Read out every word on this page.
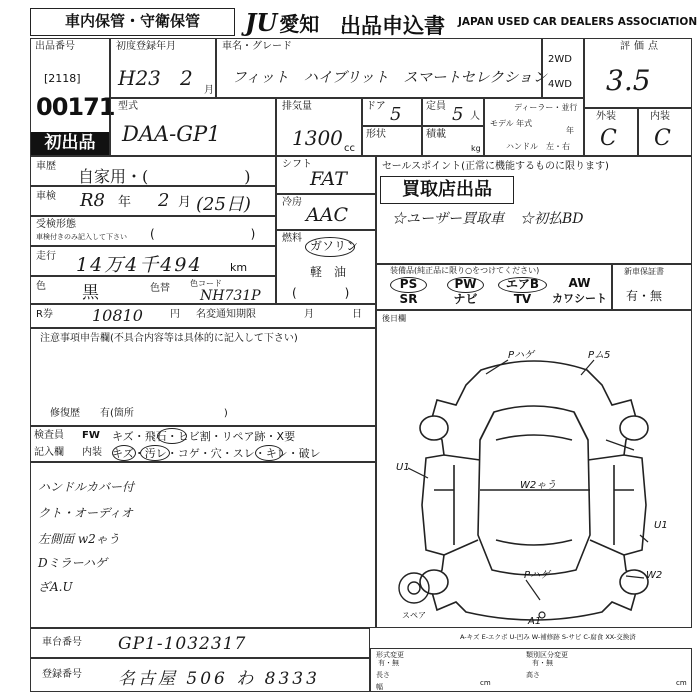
車内保管・守衛保管	JU 愛知 出品申込書 JAPAN USED CAR DEALERS ASSOCIATION
出品番号
[2118]
00171
初出品
初度登録年月
H23 2
月
車名・グレード
フィット　ハイブリット　スマートセレクション
2WD
4WD
評価点
3.5
外装
C
内装
C
型式
DAA-GP1
排気量
1300 cc
ドア 5 定員 5 人
形状	積載
kg
ディーラー・並行
モデル 年式
年
ハンドル　左・右
車歴
自家用・(　　　　　　)
車検 R8 年 2 月 (25日)
受検形態
車検付きのみ記入して下さい (　　　　　　　　)
走行 14万4千494 km
色 黒	色替	色コード
NH731P
シフト
FAT
冷房
AAC
燃料
ガソリン
軽　油
(　　　　)
セールスポイント(正常に機能するものに限ります)
買取店出品
☆ユーザー買取車 ☆初払BD
装備品(純正品に限り○をつけてください)
PS	PW	エアB	AW
SR	ナビ	TV	カワシート
新車保証書
有・無
R券 10810	円 名変通知期限	月	日
注意事項申告欄(不具合内容等は具体的に記入して下さい)
修復歴　　有(箇所　　　　　　　　　)
後日欄
検査員
記入欄
FW キズ・飛石・ヒビ割・リペア跡・X要
内装 キズ・汚レ・コゲ・穴・スレ・キレ・破レ
ハンドルカバー付
クト・オーディオ
左側面 w2ゃう
Dミラーハゲ
ざA.U
Pハゲ	Pム5
U1
W2ゃう
Pハゲ
U1
W2
A1
スペア
A-キズ E-エクボ U-凹み W-補修跡 S-サビ C-腐食 XX-交換済
車台番号 GP1-1032317
登録番号 名古屋 506 わ 8333
形式変更
有・無
長さ
幅	cm
類別区分変更
有・無
高さ
cm
